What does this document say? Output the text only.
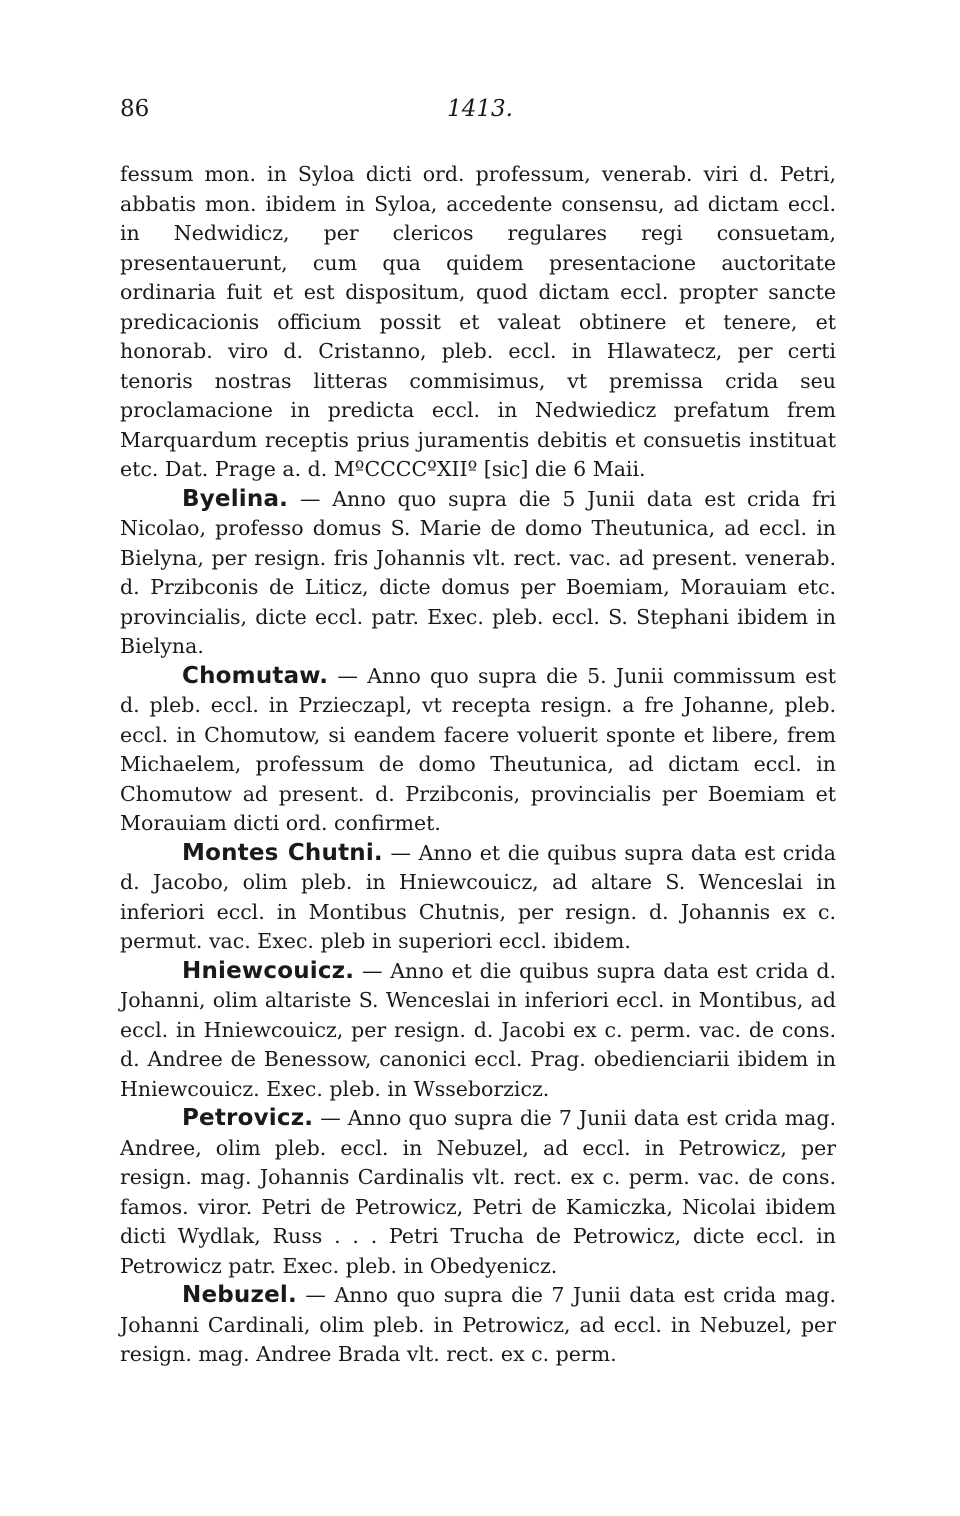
86	1413.

fessum mon. in Syloa dicti ord. professum, venerab. viri d. Petri, abbatis mon. ibidem in Syloa, accedente consensu, ad dictam eccl. in Nedwidicz, per clericos regulares regi consuetam, presentauerunt, cum qua quidem presentacione auctoritate ordinaria fuit et est dispositum, quod dictam eccl. propter sancte predicacionis officium possit et valeat obtinere et tenere, et honorab. viro d. Cristanno, pleb. eccl. in Hlawatecz, per certi tenoris nostras litteras commisimus, vt premissa crida seu proclamacione in predicta eccl. in Nedwiedicz prefatum frem Marquardum receptis prius juramentis debitis et consuetis instituat etc. Dat. Prage a. d. MºCCCCºXIIº [sic] die 6 Maii.

Byelina. — Anno quo supra die 5 Junii data est crida fri Nicolao, professo domus S. Marie de domo Theutunica, ad eccl. in Bielyna, per resign. fris Johannis vlt. rect. vac. ad present. venerab. d. Przibconis de Liticz, dicte domus per Boemiam, Morauiam etc. provincialis, dicte eccl. patr. Exec. pleb. eccl. S. Stephani ibidem in Bielyna.

Chomutaw. — Anno quo supra die 5. Junii commissum est d. pleb. eccl. in Przieczapl, vt recepta resign. a fre Johanne, pleb. eccl. in Chomutow, si eandem facere voluerit sponte et libere, frem Michaelem, professum de domo Theutunica, ad dictam eccl. in Chomutow ad present. d. Przibconis, provincialis per Boemiam et Morauiam dicti ord. confirmet.

Montes Chutni. — Anno et die quibus supra data est crida d. Jacobo, olim pleb. in Hniewcouicz, ad altare S. Wenceslai in inferiori eccl. in Montibus Chutnis, per resign. d. Johannis ex c. permut. vac. Exec. pleb in superiori eccl. ibidem.

Hniewcouicz. — Anno et die quibus supra data est crida d. Johanni, olim altariste S. Wenceslai in inferiori eccl. in Montibus, ad eccl. in Hniewcouicz, per resign. d. Jacobi ex c. perm. vac. de cons. d. Andree de Benessow, canonici eccl. Prag. obedienciarii ibidem in Hniewcouicz. Exec. pleb. in Wsseborzicz.

Petrovicz. — Anno quo supra die 7 Junii data est crida mag. Andree, olim pleb. eccl. in Nebuzel, ad eccl. in Petrowicz, per resign. mag. Johannis Cardinalis vlt. rect. ex c. perm. vac. de cons. famos. viror. Petri de Petrowicz, Petri de Kamiczka, Nicolai ibidem dicti Wydlak, Russ . . . Petri Trucha de Petrowicz, dicte eccl. in Petrowicz patr. Exec. pleb. in Obedyenicz.

Nebuzel. — Anno quo supra die 7 Junii data est crida mag. Johanni Cardinali, olim pleb. in Petrowicz, ad eccl. in Nebuzel, per resign. mag. Andree Brada vlt. rect. ex c. perm.
